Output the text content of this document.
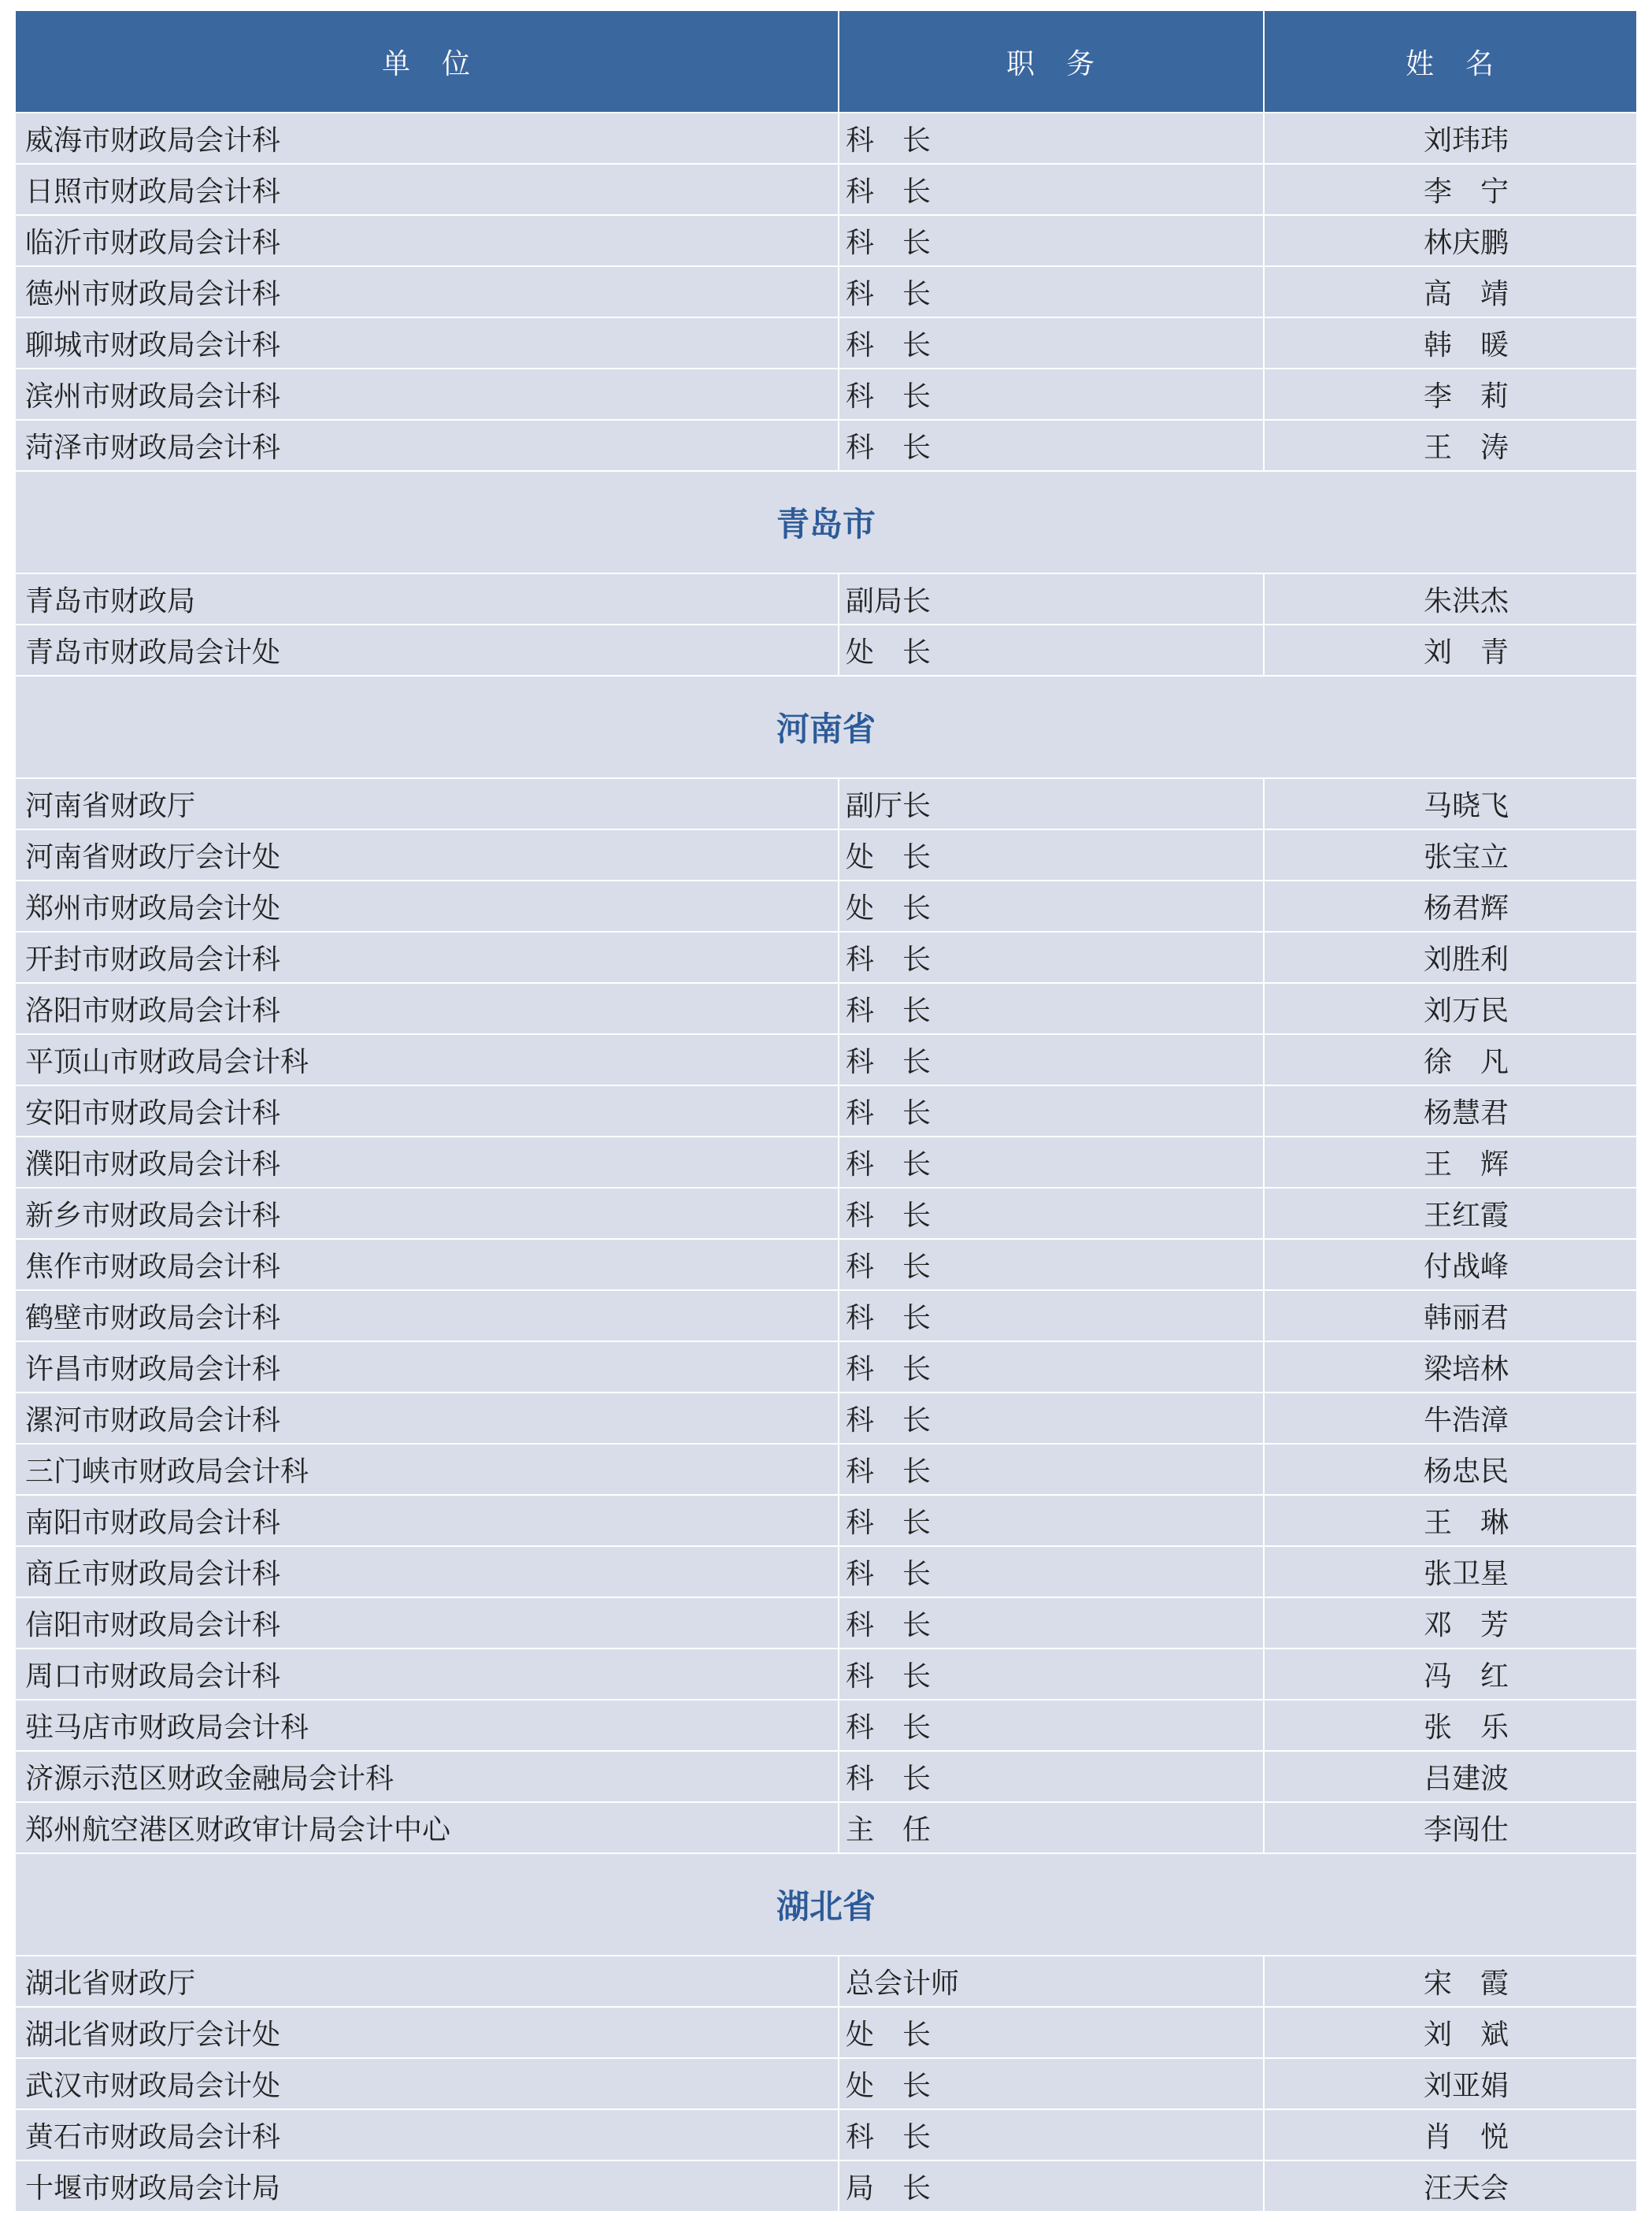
单　位	职　务	姓　名
威海市财政局会计科	科　长	刘玮玮
日照市财政局会计科	科　长	李　宁
临沂市财政局会计科	科　长	林庆鹏
德州市财政局会计科	科　长	高　靖
聊城市财政局会计科	科　长	韩　暖
滨州市财政局会计科	科　长	李　莉
菏泽市财政局会计科	科　长	王　涛
青岛市		
青岛市财政局	副局长	朱洪杰
青岛市财政局会计处	处　长	刘　青
河南省		
河南省财政厅	副厅长	马晓飞
河南省财政厅会计处	处　长	张宝立
郑州市财政局会计处	处　长	杨君辉
开封市财政局会计科	科　长	刘胜利
洛阳市财政局会计科	科　长	刘万民
平顶山市财政局会计科	科　长	徐　凡
安阳市财政局会计科	科　长	杨慧君
濮阳市财政局会计科	科　长	王　辉
新乡市财政局会计科	科　长	王红霞
焦作市财政局会计科	科　长	付战峰
鹤壁市财政局会计科	科　长	韩丽君
许昌市财政局会计科	科　长	梁培林
漯河市财政局会计科	科　长	牛浩漳
三门峡市财政局会计科	科　长	杨忠民
南阳市财政局会计科	科　长	王　琳
商丘市财政局会计科	科　长	张卫星
信阳市财政局会计科	科　长	邓　芳
周口市财政局会计科	科　长	冯　红
驻马店市财政局会计科	科　长	张　乐
济源示范区财政金融局会计科	科　长	吕建波
郑州航空港区财政审计局会计中心	主　任	李闯仕
湖北省		
湖北省财政厅	总会计师	宋　霞
湖北省财政厅会计处	处　长	刘　斌
武汉市财政局会计处	处　长	刘亚娟
黄石市财政局会计科	科　长	肖　悦
十堰市财政局会计局	局　长	汪天会
